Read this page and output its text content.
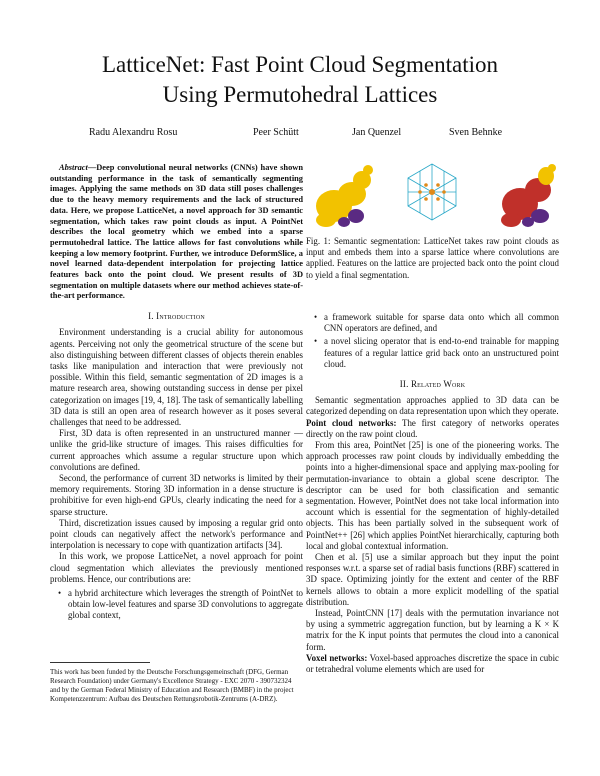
LatticeNet: Fast Point Cloud Segmentation
Using Permutohedral Lattices
Radu Alexandru Rosu	Peer Schütt	Jan Quenzel	Sven Behnke

Abstract—Deep convolutional neural networks (CNNs) have shown outstanding performance in the task of semantically segmenting images. Applying the same methods on 3D data still poses challenges due to the heavy memory requirements and the lack of structured data. Here, we propose LatticeNet, a novel approach for 3D semantic segmentation, which takes raw point clouds as input. A PointNet describes the local geometry which we embed into a sparse permutohedral lattice. The lattice allows for fast convolutions while keeping a low memory footprint. Further, we introduce DeformSlice, a novel learned data-dependent interpolation for projecting lattice features back onto the point cloud. We present results of 3D segmentation on multiple datasets where our method achieves state-of-the-art performance.

I. Introduction

Environment understanding is a crucial ability for autonomous agents. Perceiving not only the geometrical structure of the scene but also distinguishing between different classes of objects therein enables tasks like manipulation and interaction that were previously not possible. Within this field, semantic segmentation of 2D images is a mature research area, showing outstanding success in dense per pixel categorization on images [19, 4, 18]. The task of semantically labelling 3D data is still an open area of research however as it poses several challenges that need to be addressed.

First, 3D data is often represented in an unstructured manner — unlike the grid-like structure of images. This raises difficulties for current approaches which assume a regular structure upon which convolutions are defined.

Second, the performance of current 3D networks is limited by their memory requirements. Storing 3D information in a dense structure is prohibitive for even high-end GPUs, clearly indicating the need for a sparse structure.

Third, discretization issues caused by imposing a regular grid onto point clouds can negatively affect the network's performance and interpolation is necessary to cope with quantization artifacts [34].

In this work, we propose LatticeNet, a novel approach for point cloud segmentation which alleviates the previously mentioned problems. Hence, our contributions are:

• a hybrid architecture which leverages the strength of PointNet to obtain low-level features and sparse 3D convolutions to aggregate global context,
This work has been funded by the Deutsche Forschungsgemeinschaft (DFG, German Research Foundation) under Germany's Excellence Strategy - EXC 2070 - 390732324 and by the German Federal Ministry of Education and Research (BMBF) in the project Kompetenzzentrum: Aufbau des Deutschen Rettungsrobotik-Zentrums (A-DRZ).
Fig. 1: Semantic segmentation: LatticeNet takes raw point clouds as input and embeds them into a sparse lattice where convolutions are applied. Features on the lattice are projected back onto the point cloud to yield a final segmentation.
• a framework suitable for sparse data onto which all common CNN operators are defined, and
• a novel slicing operator that is end-to-end trainable for mapping features of a regular lattice grid back onto an unstructured point cloud.
II. Related Work

Semantic segmentation approaches applied to 3D data can be categorized depending on data representation upon which they operate.

Point cloud networks: The first category of networks operates directly on the raw point cloud.

From this area, PointNet [25] is one of the pioneering works. The approach processes raw point clouds by individually embedding the points into a higher-dimensional space and applying max-pooling for permutation-invariance to obtain a global scene descriptor. The descriptor can be used for both classification and semantic segmentation. However, PointNet does not take local information into account which is essential for the segmentation of highly-detailed objects. This has been partially solved in the subsequent work of PointNet++ [26] which applies PointNet hierarchically, capturing both local and global contextual information.

Chen et al. [5] use a similar approach but they input the point responses w.r.t. a sparse set of radial basis functions (RBF) scattered in 3D space. Optimizing jointly for the extent and center of the RBF kernels allows to obtain a more explicit modelling of the spatial distribution.

Instead, PointCNN [17] deals with the permutation invariance not by using a symmetric aggregation function, but by learning a K × K matrix for the K input points that permutes the cloud into a canonical form.

Voxel networks: Voxel-based approaches discretize the space in cubic or tetrahedral volume elements which are used for
